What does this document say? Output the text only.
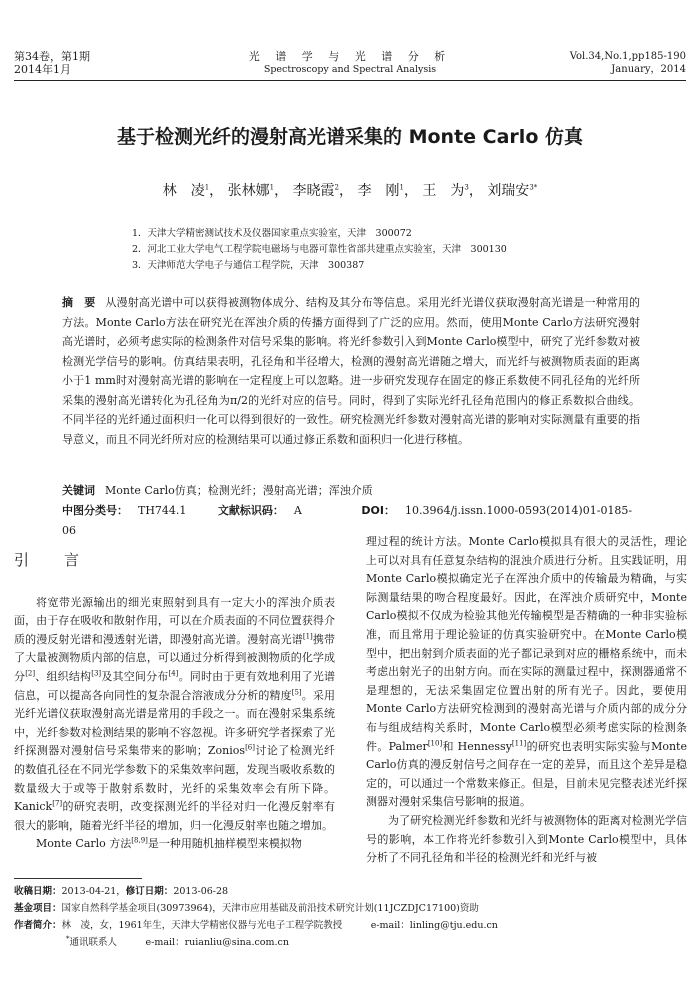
第34卷，第1期
2014年1月
光 谱 学 与 光 谱 分 析
Spectroscopy and Spectral Analysis
Vol.34,No.1,pp185-190
January，2014
基于检测光纤的漫射高光谱采集的 Monte Carlo 仿真
林　凌$^1$， 张林娜$^1$， 李晓霞$^2$， 李　刚$^1$， 王　为$^3$， 刘瑞安$^{3*}$
1．天津大学精密测试技术及仪器国家重点实验室，天津　300072
2．河北工业大学电气工程学院电磁场与电器可靠性省部共建重点实验室，天津　300130
3．天津师范大学电子与通信工程学院，天津　300387
摘　要 从漫射高光谱中可以获得被测物体成分、结构及其分布等信息。采用光纤光谱仪获取漫射高光谱是一种常用的方法。Monte Carlo方法在研究光在浑浊介质的传播方面得到了广泛的应用。然而，使用Monte Carlo方法研究漫射高光谱时，必须考虑实际的检测条件对信号采集的影响。将光纤参数引入到Monte Carlo模型中，研究了光纤参数对被检测光学信号的影响。仿真结果表明，孔径角和半径增大，检测的漫射高光谱随之增大，而光纤与被测物质表面的距离小于1 mm时对漫射高光谱的影响在一定程度上可以忽略。进一步研究发现存在固定的修正系数使不同孔径角的光纤所采集的漫射高光谱转化为孔径角为π/2的光纤对应的信号。同时，得到了实际光纤孔径角范围内的修正系数拟合曲线。不同半径的光纤通过面积归一化可以得到很好的一致性。研究检测光纤参数对漫射高光谱的影响对实际测量有重要的指导意义，而且不同光纤所对应的检测结果可以通过修正系数和面积归一化进行移植。
关键词 Monte Carlo仿真；检测光纤；漫射高光谱；浑浊介质
中图分类号： TH744.1	文献标识码： A	DOI： 10.3964/j.issn.1000-0593(2014)01-0185-06
引　言

将宽带光源输出的细光束照射到具有一定大小的浑浊介质表面，由于存在吸收和散射作用，可以在介质表面的不同位置获得介质的漫反射光谱和漫透射光谱，即漫射高光谱。漫射高光谱[1]携带了大量被测物质内部的信息，可以通过分析得到被测物质的化学成分[2]、组织结构[3]及其空间分布[4]。同时由于更有效地利用了光谱信息，可以提高各向同性的复杂混合溶液成分分析的精度[5]。采用光纤光谱仪获取漫射高光谱是常用的手段之一。而在漫射采集系统中，光纤参数对检测结果的影响不容忽视。许多研究学者探索了光纤探测器对漫射信号采集带来的影响；Zonios[6]讨论了检测光纤的数值孔径在不同光学参数下的采集效率问题，发现当吸收系数的数量级大于或等于散射系数时，光纤的采集效率会有所下降。Kanick[7]的研究表明，改变探测光纤的半径对归一化漫反射率有很大的影响，随着光纤半径的增加，归一化漫反射率也随之增加。

Monte Carlo 方法[8,9]是一种用随机抽样模型来模拟物

理过程的统计方法。Monte Carlo模拟具有很大的灵活性，理论上可以对具有任意复杂结构的混浊介质进行分析。且实践证明，用Monte Carlo模拟确定光子在浑浊介质中的传输最为精确，与实际测量结果的吻合程度最好。因此，在浑浊介质研究中，Monte Carlo模拟不仅成为检验其他光传输模型是否精确的一种非实验标准，而且常用于理论验证的仿真实验研究中。在Monte Carlo模型中，把出射到介质表面的光子都记录到对应的栅格系统中，而未考虑出射光子的出射方向。而在实际的测量过程中，探测器通常不是理想的，无法采集固定位置出射的所有光子。因此，要使用Monte Carlo方法研究检测到的漫射高光谱与介质内部的成分分布与组成结构关系时，Monte Carlo模型必须考虑实际的检测条件。Palmer[10]和 Hennessy[11]的研究也表明实际实验与Monte Carlo仿真的漫反射信号之间存在一定的差异，而且这个差异是稳定的，可以通过一个常数来修正。但是，目前未见完整表述光纤探测器对漫射采集信号影响的报道。

为了研究检测光纤参数和光纤与被测物体的距离对检测光学信号的影响，本工作将光纤参数引入到Monte Carlo模型中，具体分析了不同孔径角和半径的检测光纤和光纤与被

收稿日期：2013-04-21，修订日期：2013-06-28
基金项目：国家自然科学基金项目(30973964)，天津市应用基础及前沿技术研究计划(11JCZDJC17100)资助
作者简介：林　凌，女，1961年生，天津大学精密仪器与光电子工程学院教授　　　e-mail：linling@tju.edu.cn
*通讯联系人　　　e-mail：ruianliu@sina.com.cn
